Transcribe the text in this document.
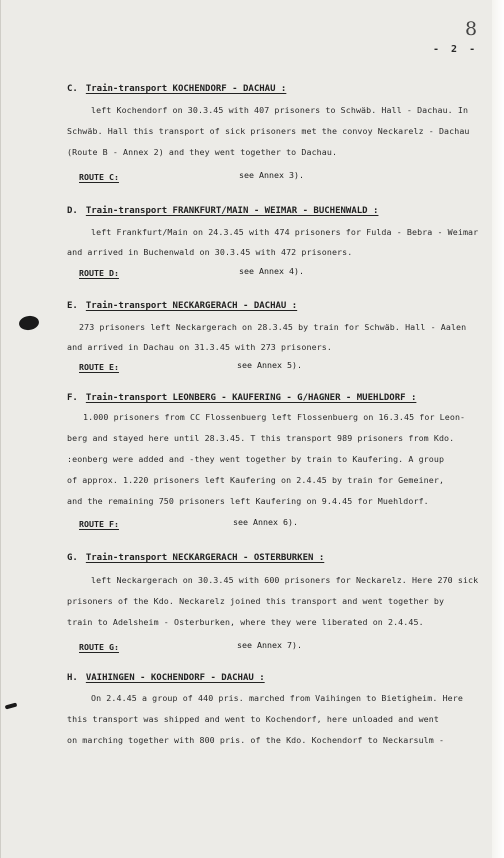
8
- 2 -
C. Train-transport KOCHENDORF - DACHAU :
left Kochendorf on 30.3.45 with 407 prisoners to Schwäb. Hall - Dachau. In
Schwäb. Hall this transport of sick prisoners met the convoy Neckarelz - Dachau
(Route B - Annex 2) and they went together to Dachau.
ROUTE C:	see Annex 3).
D. Train-transport FRANKFURT/MAIN - WEIMAR - BUCHENWALD :
left Frankfurt/Main on 24.3.45 with 474 prisoners for Fulda - Bebra - Weimar
and arrived in Buchenwald on 30.3.45 with 472 prisoners.
ROUTE D:	see Annex 4).
E. Train-transport NECKARGERACH - DACHAU :
273 prisoners left Neckargerach on 28.3.45 by train for Schwäb. Hall - Aalen
and arrived in Dachau on 31.3.45 with 273 prisoners.
ROUTE E:	see Annex 5).
F. Train-transport LEONBERG - KAUFERING - G/HAGNER - MUEHLDORF :
1.000 prisoners from CC Flossenbuerg left Flossenbuerg on 16.3.45 for Leon-
berg and stayed here until 28.3.45. T this transport 989 prisoners from Kdo.
:eonberg were added and -they went together by train to Kaufering. A group
of approx. 1.220 prisoners left Kaufering on 2.4.45 by train for Gemeiner,
and the remaining 750 prisoners left Kaufering on 9.4.45 for Muehldorf.
ROUTE F:	see Annex 6).
G. Train-transport NECKARGERACH - OSTERBURKEN :
left Neckargerach on 30.3.45 with 600 prisoners for Neckarelz. Here 270 sick
prisoners of the Kdo. Neckarelz joined this transport and went together by
train to Adelsheim - Osterburken, where they were liberated on 2.4.45.
ROUTE G:	see Annex 7).
H. VAIHINGEN - KOCHENDORF - DACHAU :
On 2.4.45 a group of 440 pris. marched from Vaihingen to Bietigheim. Here
this transport was shipped and went to Kochendorf, here unloaded and went
on marching together with 800 pris. of the Kdo. Kochendorf to Neckarsulm -
